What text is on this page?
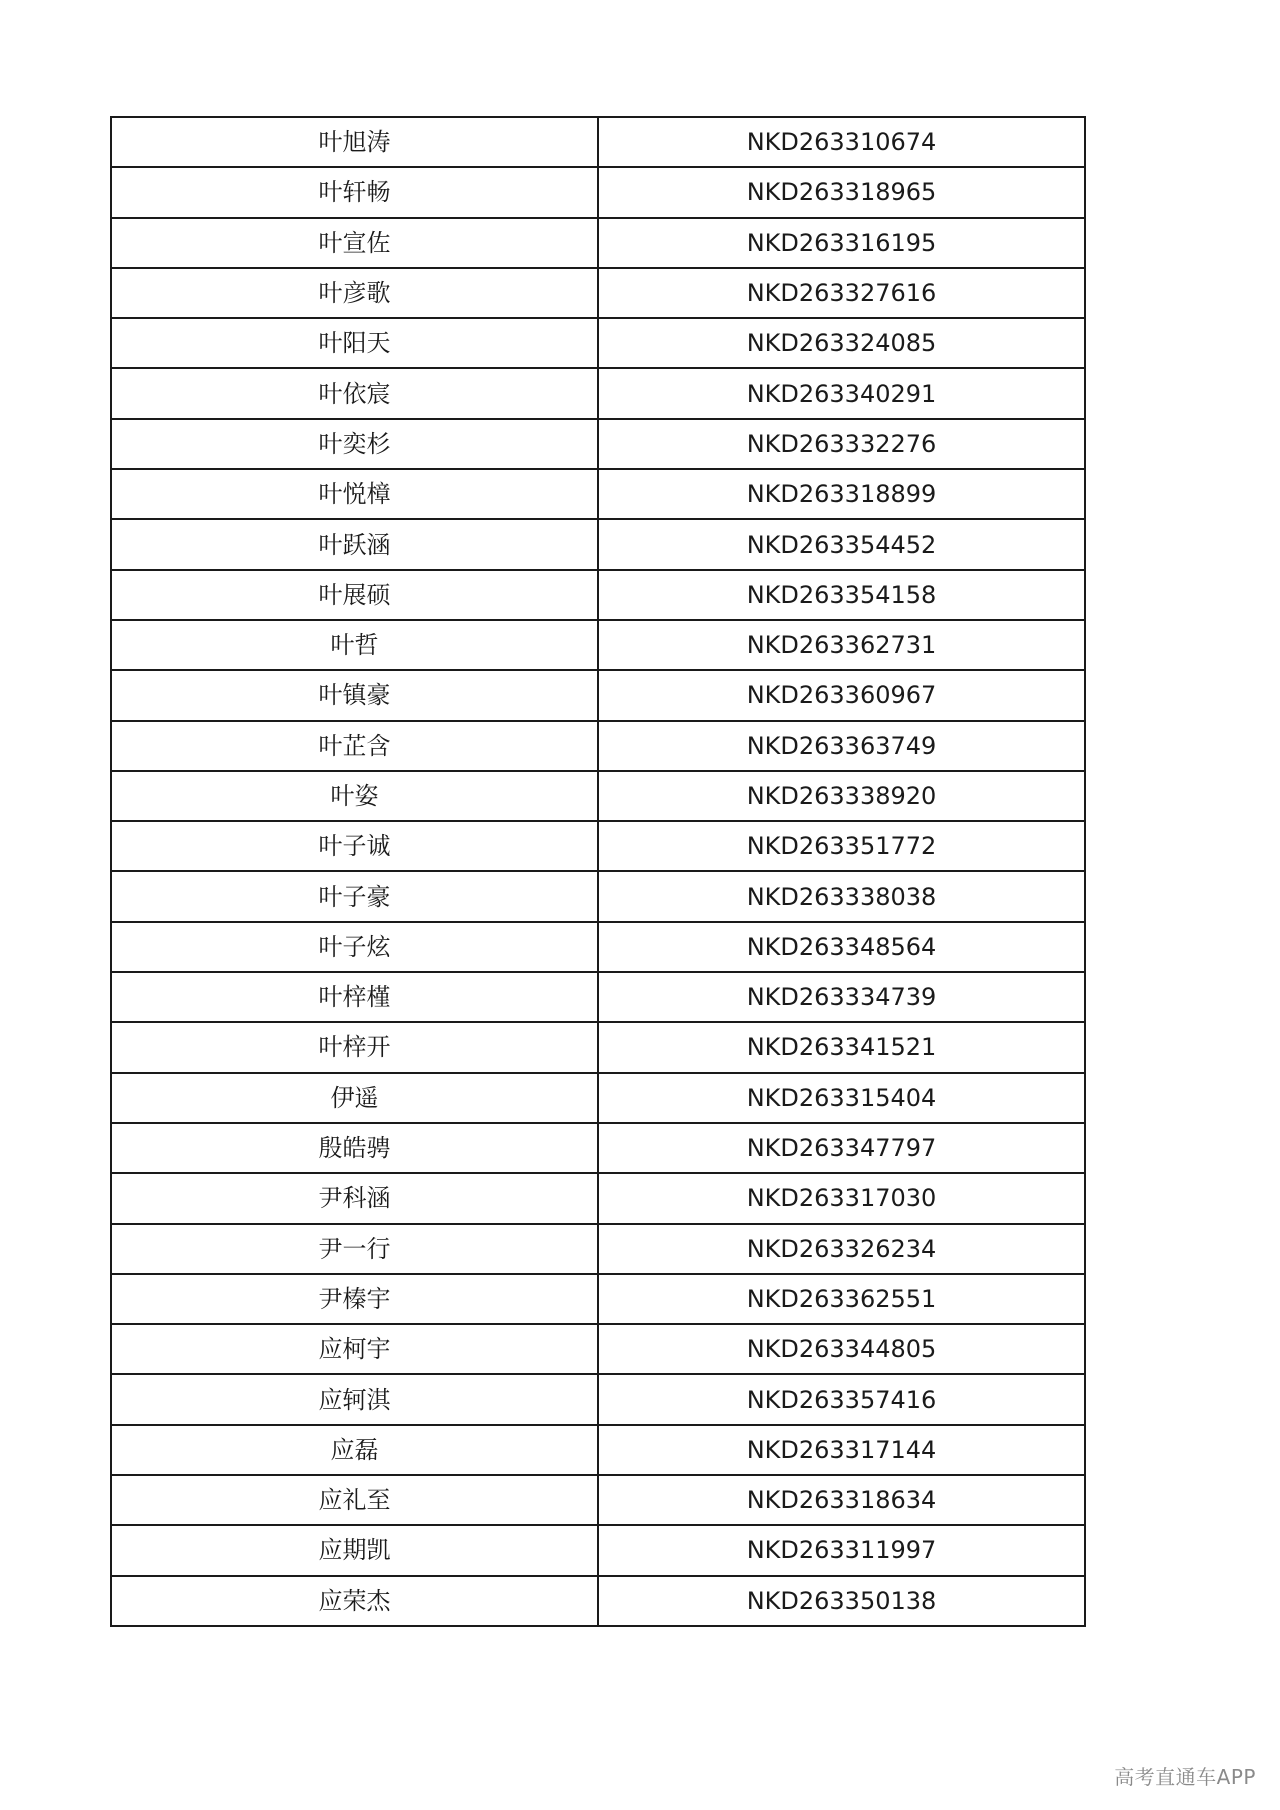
叶旭涛	NKD263310674
叶轩畅	NKD263318965
叶宣佐	NKD263316195
叶彦歌	NKD263327616
叶阳天	NKD263324085
叶依宸	NKD263340291
叶奕杉	NKD263332276
叶悦樟	NKD263318899
叶跃涵	NKD263354452
叶展硕	NKD263354158
叶哲	NKD263362731
叶镇豪	NKD263360967
叶芷含	NKD263363749
叶姿	NKD263338920
叶子诚	NKD263351772
叶子豪	NKD263338038
叶子炫	NKD263348564
叶梓槿	NKD263334739
叶梓开	NKD263341521
伊遥	NKD263315404
殷皓骋	NKD263347797
尹科涵	NKD263317030
尹一行	NKD263326234
尹榛宇	NKD263362551
应柯宇	NKD263344805
应轲淇	NKD263357416
应磊	NKD263317144
应礼至	NKD263318634
应期凯	NKD263311997
应荣杰	NKD263350138
高考直通车APP
